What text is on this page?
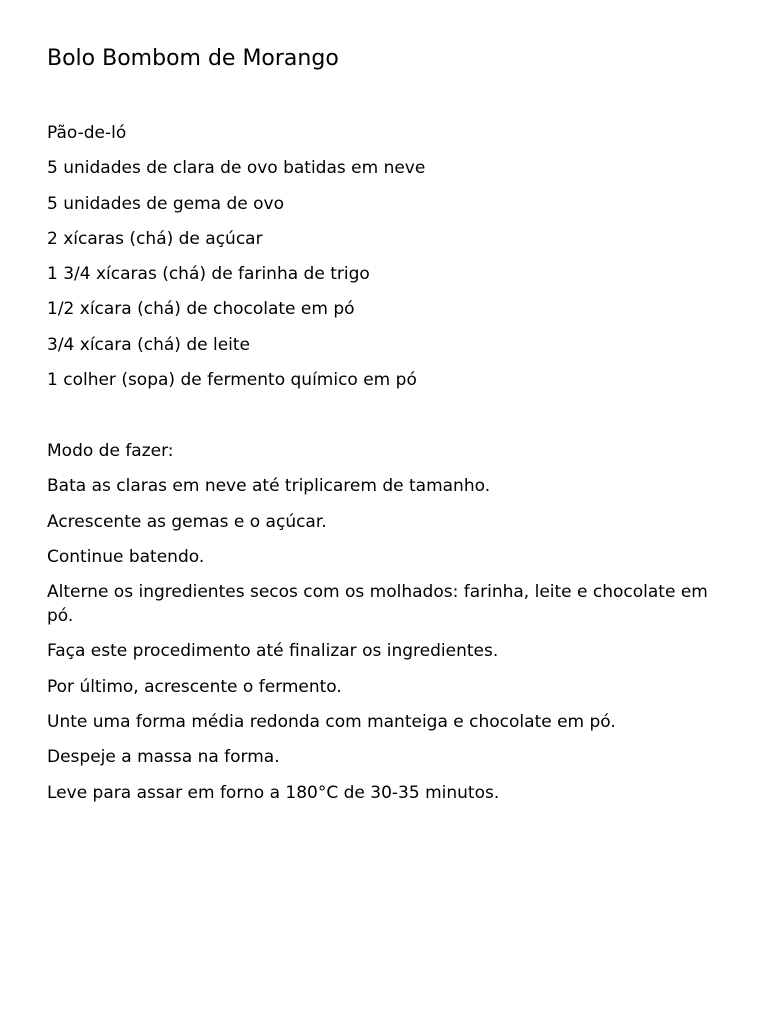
Bolo Bombom de Morango
Pão-de-ló

5 unidades de clara de ovo batidas em neve

5 unidades de gema de ovo

2 xícaras (chá) de açúcar

1 3/4 xícaras (chá) de farinha de trigo

1/2 xícara (chá) de chocolate em pó

3/4 xícara (chá) de leite

1 colher (sopa) de fermento químico em pó

Modo de fazer:

Bata as claras em neve até triplicarem de tamanho.

Acrescente as gemas e o açúcar.

Continue batendo.

Alterne os ingredientes secos com os molhados: farinha, leite e chocolate em pó.

Faça este procedimento até finalizar os ingredientes.

Por último, acrescente o fermento.

Unte uma forma média redonda com manteiga e chocolate em pó.

Despeje a massa na forma.

Leve para assar em forno a 180°C de 30-35 minutos.
